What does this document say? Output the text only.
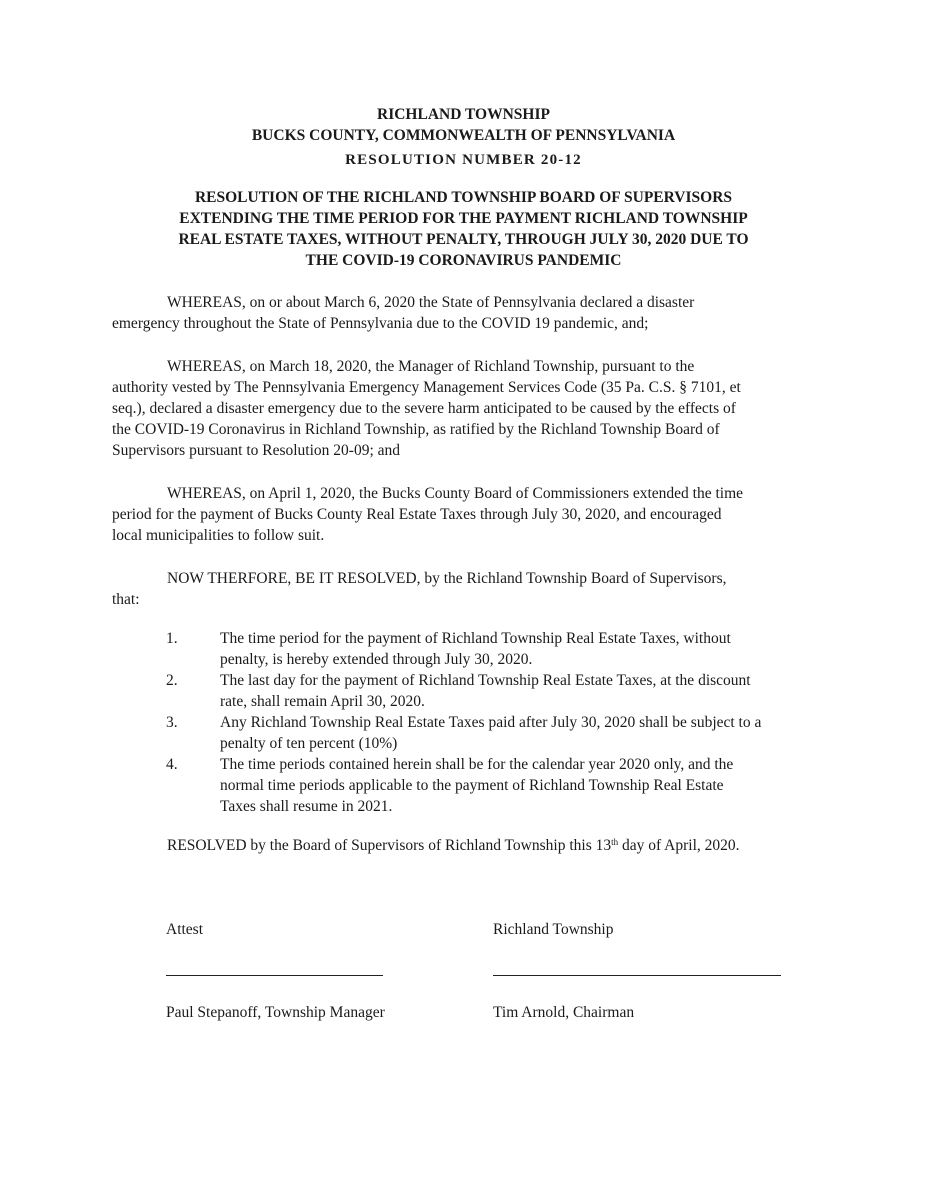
RICHLAND TOWNSHIP
BUCKS COUNTY, COMMONWEALTH OF PENNSYLVANIA
RESOLUTION NUMBER 20-12
RESOLUTION OF THE RICHLAND TOWNSHIP BOARD OF SUPERVISORS
EXTENDING THE TIME PERIOD FOR THE PAYMENT RICHLAND TOWNSHIP
REAL ESTATE TAXES, WITHOUT PENALTY, THROUGH JULY 30, 2020 DUE TO
THE COVID-19 CORONAVIRUS PANDEMIC
WHEREAS, on or about March 6, 2020 the State of Pennsylvania declared a disaster
emergency throughout the State of Pennsylvania due to the COVID 19 pandemic, and;
WHEREAS, on March 18, 2020, the Manager of Richland Township, pursuant to the
authority vested by The Pennsylvania Emergency Management Services Code (35 Pa. C.S. § 7101, et
seq.), declared a disaster emergency due to the severe harm anticipated to be caused by the effects of
the COVID-19 Coronavirus in Richland Township, as ratified by the Richland Township Board of
Supervisors pursuant to Resolution 20-09; and
WHEREAS, on April 1, 2020, the Bucks County Board of Commissioners extended the time
period for the payment of Bucks County Real Estate Taxes through July 30, 2020, and encouraged
local municipalities to follow suit.
NOW THERFORE, BE IT RESOLVED, by the Richland Township Board of Supervisors,
that:
1.	The time period for the payment of Richland Township Real Estate Taxes, without
penalty, is hereby extended through July 30, 2020.
2.	The last day for the payment of Richland Township Real Estate Taxes, at the discount
rate, shall remain April 30, 2020.
3.	Any Richland Township Real Estate Taxes paid after July 30, 2020 shall be subject to a
penalty of ten percent (10%)
4.	The time periods contained herein shall be for the calendar year 2020 only, and the
normal time periods applicable to the payment of Richland Township Real Estate
Taxes shall resume in 2021.
RESOLVED by the Board of Supervisors of Richland Township this 13th day of April, 2020.
Attest	Richland Township
Paul Stepanoff, Township Manager	Tim Arnold, Chairman
